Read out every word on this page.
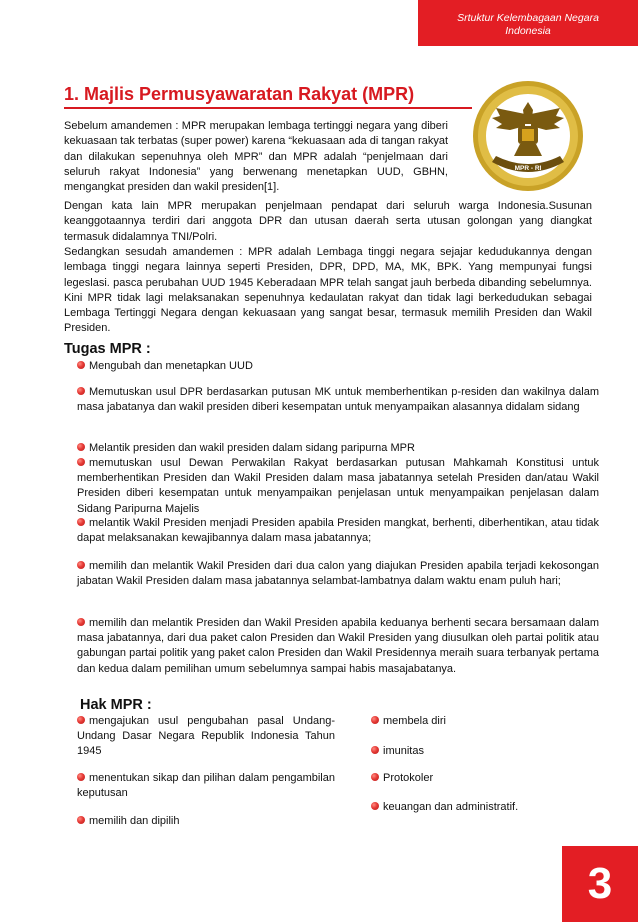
Srtuktur Kelembagaan Negara
Indonesia
1. Majlis Permusyawaratan Rakyat (MPR)
MPR - RI

Sebelum amandemen : MPR merupakan lembaga tertinggi negara yang diberi kekuasaan tak terbatas (super power) karena “kekuasaan ada di tangan rakyat dan dilakukan sepenuhnya oleh MPR” dan MPR adalah “penjelmaan dari seluruh rakyat Indonesia” yang berwenang menetapkan UUD, GBHN, mengangkat presiden dan wakil presiden[1].

Dengan kata lain MPR merupakan penjelmaan pendapat dari seluruh warga Indonesia.Susunan keanggotaannya terdiri dari anggota DPR dan utusan daerah serta utusan golongan yang diangkat termasuk didalamnya TNI/Polri.

Sedangkan sesudah amandemen : MPR adalah Lembaga tinggi negara sejajar kedudukannya dengan lembaga tinggi negara lainnya seperti Presiden, DPR, DPD, MA, MK, BPK. Yang mempunyai fungsi legeslasi. pasca perubahan UUD 1945 Keberadaan MPR telah sangat jauh berbeda dibanding sebelumnya. Kini MPR tidak lagi melaksanakan sepenuhnya kedaulatan rakyat dan tidak lagi berkedudukan sebagai Lembaga Tertinggi Negara dengan kekuasaan yang sangat besar, termasuk memilih Presiden dan Wakil Presiden.

Tugas MPR :

Mengubah dan menetapkan UUD

Memutuskan usul DPR berdasarkan putusan MK untuk memberhentikan p-residen dan wakilnya dalam masa jabatanya dan wakil presiden diberi kesempatan untuk menyampaikan alasannya didalam sidang

Melantik presiden dan wakil presiden dalam sidang paripurna MPR

memutuskan usul Dewan Perwakilan Rakyat berdasarkan putusan Mahkamah Konstitusi untuk memberhentikan Presiden dan Wakil Presiden dalam masa jabatannya setelah Presiden dan/atau Wakil Presiden diberi kesempatan untuk menyampaikan penjelasan untuk menyampaikan penjelasan dalam Sidang Paripurna Majelis

melantik Wakil Presiden menjadi Presiden apabila Presiden mangkat, berhenti, diberhentikan, atau tidak dapat melaksanakan kewajibannya dalam masa jabatannya;

memilih dan melantik Wakil Presiden dari dua calon yang diajukan Presiden apabila terjadi kekosongan jabatan Wakil Presiden dalam masa jabatannya selambat-lambatnya dalam waktu enam puluh hari;

memilih dan melantik Presiden dan Wakil Presiden apabila keduanya berhenti secara bersamaan dalam masa jabatannya, dari dua paket calon Presiden dan Wakil Presiden yang diusulkan oleh partai politik atau gabungan partai politik yang paket calon Presiden dan Wakil Presidennya meraih suara terbanyak pertama dan kedua dalam pemilihan umum sebelumnya sampai habis masajabatanya.

Hak MPR :

mengajukan usul pengubahan pasal Undang-Undang Dasar Negara Republik Indonesia Tahun 1945

menentukan sikap dan pilihan dalam pengambilan keputusan

memilih dan dipilih

membela diri

imunitas

Protokoler

keuangan dan administratif.

3
